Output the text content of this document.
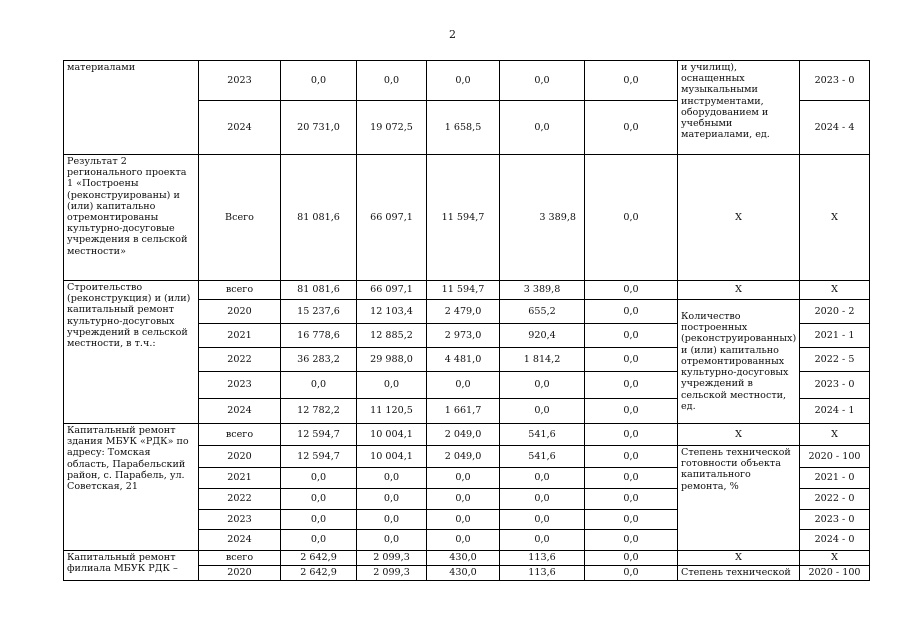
2
материалами	2023	0,0	0,0	0,0	0,0	0,0	и училищ), оснащенных музыкальными инструментами, оборудованием и учебными материалами, ед.	2023 - 0
	2024	20 731,0	19 072,5	1 658,5	0,0	0,0		2024 - 4
Результат 2 регионального проекта 1 «Построены (реконструированы) и (или) капитально отремонтированы культурно-досуговые учреждения в сельской местности»	Всего	81 081,6	66 097,1	11 594,7	3 389,8	0,0	Х	Х
Строительство (реконструкция) и (или) капитальный ремонт культурно-досуговых учреждений в сельской местности, в т.ч.:	всего	81 081,6	66 097,1	11 594,7	3 389,8	0,0	Х	Х
	2020	15 237,6	12 103,4	2 479,0	655,2	0,0	Количество построенных (реконструированных) и (или) капитально отремонтированных культурно-досуговых учреждений в сельской местности, ед.	2020 - 2
	2021	16 778,6	12 885,2	2 973,0	920,4	0,0		2021 - 1
	2022	36 283,2	29 988,0	4 481,0	1 814,2	0,0		2022 - 5
	2023	0,0	0,0	0,0	0,0	0,0		2023 - 0
	2024	12 782,2	11 120,5	1 661,7	0,0	0,0		2024 - 1
Капитальный ремонт здания МБУК «РДК» по адресу: Томская область, Парабельский район, с. Парабель, ул. Советская, 21	всего	12 594,7	10 004,1	2 049,0	541,6	0,0	Х	Х
	2020	12 594,7	10 004,1	2 049,0	541,6	0,0	Степень технической готовности объекта капитального ремонта, %	2020 - 100
	2021	0,0	0,0	0,0	0,0	0,0		2021 - 0
	2022	0,0	0,0	0,0	0,0	0,0		2022 - 0
	2023	0,0	0,0	0,0	0,0	0,0		2023 - 0
	2024	0,0	0,0	0,0	0,0	0,0		2024 - 0
Капитальный ремонт филиала МБУК РДК –	всего	2 642,9	2 099,3	430,0	113,6	0,0	Х	Х
	2020	2 642,9	2 099,3	430,0	113,6	0,0	Степень технической	2020 - 100
